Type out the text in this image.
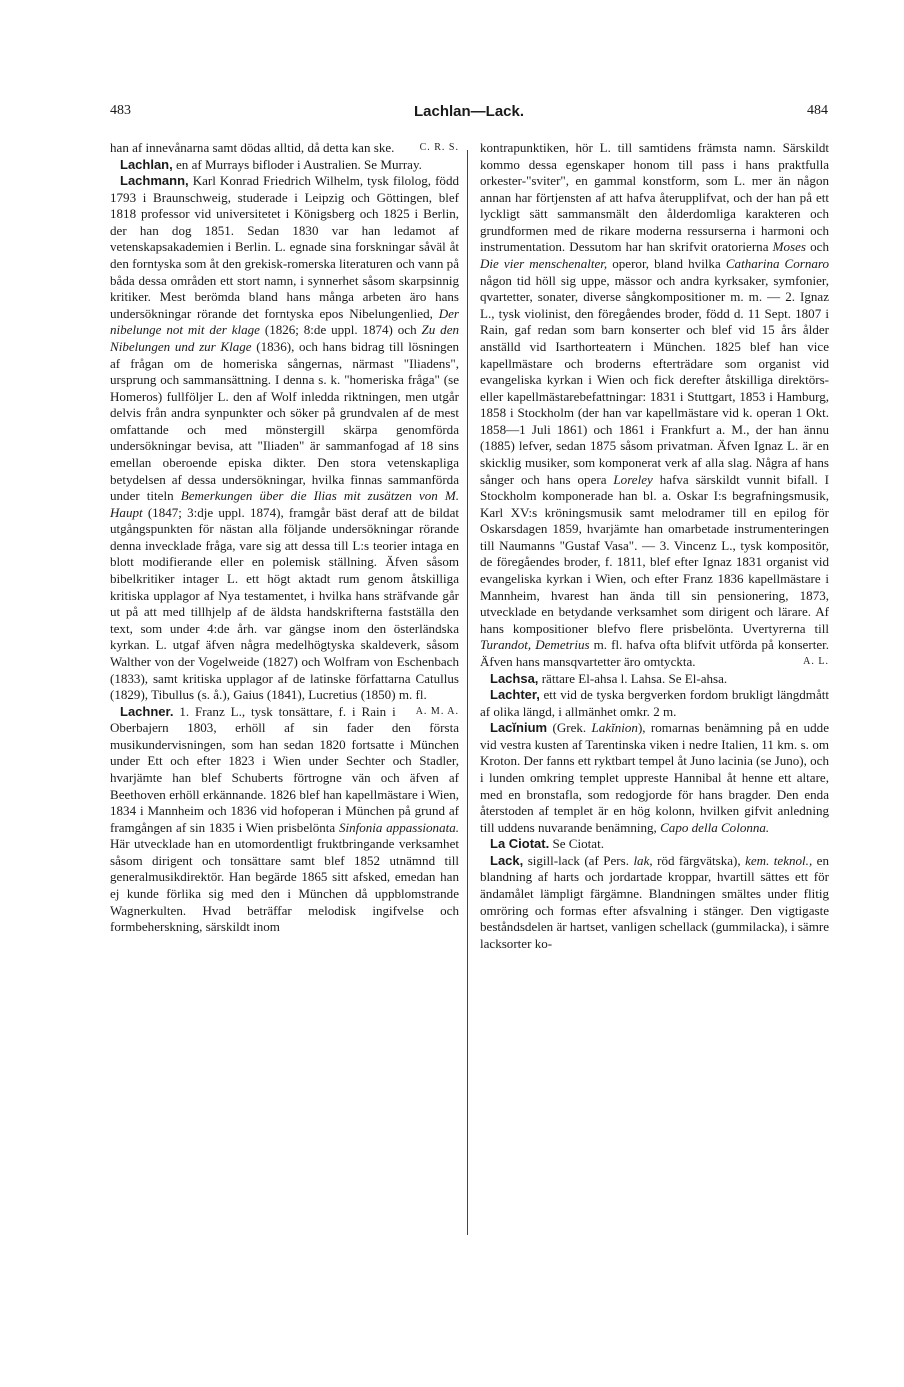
483	Lachlan—Lack.	484

han af innevånarna samt dödas alltid, då detta kan ske.	C. R. S.

Lachlan, en af Murrays bifloder i Australien. Se Murray.

Lachmann, Karl Konrad Friedrich Wilhelm, tysk filolog, född 1793 i Braunschweig, studerade i Leipzig och Göttingen, blef 1818 professor vid universitetet i Königsberg och 1825 i Berlin, der han dog 1851. Sedan 1830 var han ledamot af vetenskapsakademien i Berlin. L. egnade sina forskningar såväl åt den forntyska som åt den grekisk-romerska literaturen och vann på båda dessa områden ett stort namn, i synnerhet såsom skarpsinnig kritiker. Mest berömda bland hans många arbeten äro hans undersökningar rörande det forntyska epos Nibelungenlied, Der nibelunge not mit der klage (1826; 8:de uppl. 1874) och Zu den Nibelungen und zur Klage (1836), och hans bidrag till lösningen af frågan om de homeriska sångernas, närmast "Iliadens", ursprung och sammansättning. I denna s. k. "homeriska fråga" (se Homeros) fullföljer L. den af Wolf inledda riktningen, men utgår delvis från andra synpunkter och söker på grundvalen af de mest omfattande och med mönstergill skärpa genomförda undersökningar bevisa, att "Iliaden" är sammanfogad af 18 sins emellan oberoende episka dikter. Den stora vetenskapliga betydelsen af dessa undersökningar, hvilka finnas sammanförda under titeln Bemerkungen über die Ilias mit zusätzen von M. Haupt (1847; 3:dje uppl. 1874), framgår bäst deraf att de bildat utgångspunkten för nästan alla följande undersökningar rörande denna invecklade fråga, vare sig att dessa till L:s teorier intaga en blott modifierande eller en polemisk ställning. Äfven såsom bibelkritiker intager L. ett högt aktadt rum genom åtskilliga kritiska upplagor af Nya testamentet, i hvilka hans sträfvande går ut på att med tillhjelp af de äldsta handskrifterna fastställa den text, som under 4:de årh. var gängse inom den österländska kyrkan. L. utgaf äfven några medelhögtyska skaldeverk, såsom Walther von der Vogelweide (1827) och Wolfram von Eschenbach (1833), samt kritiska upplagor af de latinske författarna Catullus (1829), Tibullus (s. å.), Gaius (1841), Lucretius (1850) m. fl.
A. M. A.

Lachner. 1. Franz L., tysk tonsättare, f. i Rain i Oberbajern 1803, erhöll af sin fader den första musikundervisningen, som han sedan 1820 fortsatte i München under Ett och efter 1823 i Wien under Sechter och Stadler, hvarjämte han blef Schuberts förtrogne vän och äfven af Beethoven erhöll erkännande. 1826 blef han kapellmästare i Wien, 1834 i Mannheim och 1836 vid hofoperan i München på grund af framgången af sin 1835 i Wien prisbelönta Sinfonia appassionata. Här utvecklade han en utomordentligt fruktbringande verksamhet såsom dirigent och tonsättare samt blef 1852 utnämnd till generalmusikdirektör. Han begärde 1865 sitt afsked, emedan han ej kunde förlika sig med den i München då uppblomstrande Wagnerkulten. Hvad beträffar melodisk ingifvelse och formbeherskning, särskildt inom

kontrapunktiken, hör L. till samtidens främsta namn. Särskildt kommo dessa egenskaper honom till pass i hans praktfulla orkester-"sviter", en gammal konstform, som L. mer än någon annan har förtjensten af att hafva återupplifvat, och der han på ett lyckligt sätt sammansmält den ålderdomliga karakteren och grundformen med de rikare moderna ressurserna i harmoni och instrumentation. Dessutom har han skrifvit oratorierna Moses och Die vier menschenalter, operor, bland hvilka Catharina Cornaro någon tid höll sig uppe, mässor och andra kyrksaker, symfonier, qvartetter, sonater, diverse sångkompositioner m. m. — 2. Ignaz L., tysk violinist, den föregåendes broder, född d. 11 Sept. 1807 i Rain, gaf redan som barn konserter och blef vid 15 års ålder anställd vid Isarthorteatern i München. 1825 blef han vice kapellmästare och broderns efterträdare som organist vid evangeliska kyrkan i Wien och fick derefter åtskilliga direktörs- eller kapellmästarebefattningar: 1831 i Stuttgart, 1853 i Hamburg, 1858 i Stockholm (der han var kapellmästare vid k. operan 1 Okt. 1858—1 Juli 1861) och 1861 i Frankfurt a. M., der han ännu (1885) lefver, sedan 1875 såsom privatman. Äfven Ignaz L. är en skicklig musiker, som komponerat verk af alla slag. Några af hans sånger och hans opera Loreley hafva särskildt vunnit bifall. I Stockholm komponerade han bl. a. Oskar I:s begrafningsmusik, Karl XV:s kröningsmusik samt melodramer till en epilog för Oskarsdagen 1859, hvarjämte han omarbetade instrumenteringen till Naumanns "Gustaf Vasa". — 3. Vincenz L., tysk kompositör, de föregåendes broder, f. 1811, blef efter Ignaz 1831 organist vid evangeliska kyrkan i Wien, och efter Franz 1836 kapellmästare i Mannheim, hvarest han ända till sin pensionering, 1873, utvecklade en betydande verksamhet som dirigent och lärare. Af hans kompositioner blefvo flere prisbelönta. Uvertyrerna till Turandot, Demetrius m. fl. hafva ofta blifvit utförda på konserter. Äfven hans mansqvartetter äro omtyckta.	A. L.

Lachsa, rättare El-ahsa l. Lahsa. Se El-ahsa.

Lachter, ett vid de tyska bergverken fordom brukligt längdmått af olika längd, i allmänhet omkr. 2 m.

Lacĭnium (Grek. Lakĭnion), romarnas benämning på en udde vid vestra kusten af Tarentinska viken i nedre Italien, 11 km. s. om Kroton. Der fanns ett ryktbart tempel åt Juno lacinia (se Juno), och i lunden omkring templet uppreste Hannibal åt henne ett altare, med en bronstafla, som redogjorde för hans bragder. Den enda återstoden af templet är en hög kolonn, hvilken gifvit anledning till uddens nuvarande benämning, Capo della Colonna.

La Ciotat. Se Ciotat.

Lack, sigill-lack (af Pers. lak, röd färgvätska), kem. teknol., en blandning af harts och jordartade kroppar, hvartill sättes ett för ändamålet lämpligt färgämne. Blandningen smältes under flitig omröring och formas efter afsvalning i stänger. Den vigtigaste beståndsdelen är hartset, vanligen schellack (gummilacka), i sämre lacksorter ko-
